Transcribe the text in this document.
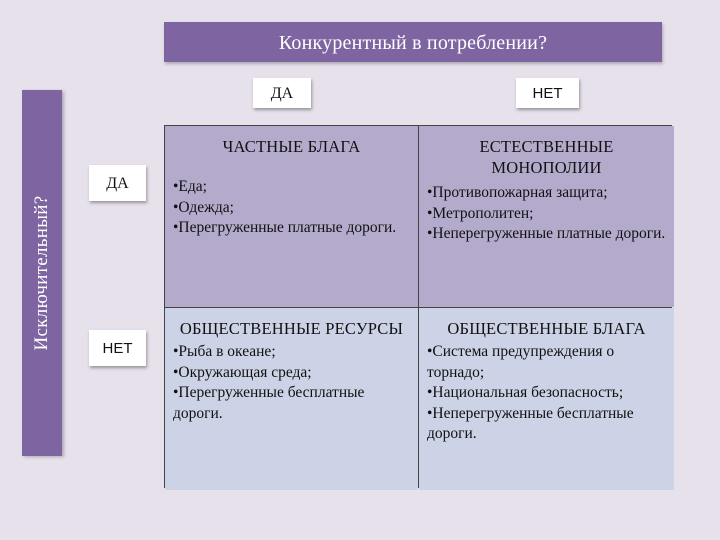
Конкурентный в потреблении?
Исключительный?
ДА	НЕТ
ДА
НЕТ
ЧАСТНЫЕ БЛАГА
•Еда;
•Одежда;
•Перегруженные платные дороги.
ЕСТЕСТВЕННЫЕ МОНОПОЛИИ
•Противопожарная защита;
•Метрополитен;
•Неперегруженные платные дороги.
ОБЩЕСТВЕННЫЕ РЕСУРСЫ
•Рыба в океане;
•Окружающая среда;
•Перегруженные бесплатные дороги.
ОБЩЕСТВЕННЫЕ БЛАГА
•Система предупреждения о торнадо;
•Национальная безопасность;
•Неперегруженные бесплатные дороги.
